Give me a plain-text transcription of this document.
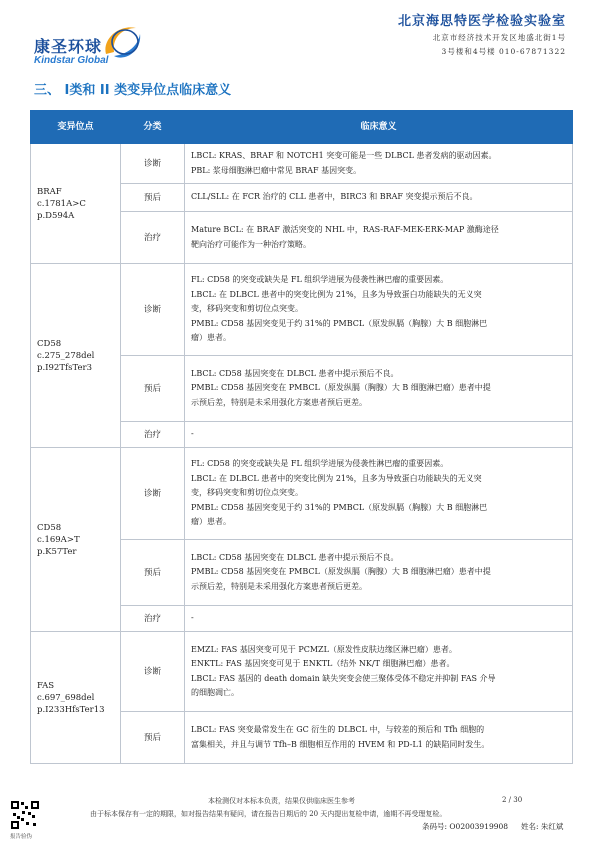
康圣环球
Kindstar Global
北京海思特医学检验实验室
北京市经济技术开发区地盛北街1号
3号楼和4号楼 010-67871322
三、 I类和 II 类变异位点临床意义
变异位点	分类	临床意义

BRAF
c.1781A>C
p.D594A	诊断	LBCL: KRAS、BRAF 和 NOTCH1 突变可能是一些 DLBCL 患者发病的驱动因素。
PBL: 浆母细胞淋巴瘤中常见 BRAF 基因突变。

	预后	CLL/SLL: 在 FCR 治疗的 CLL 患者中，BIRC3 和 BRAF 突变提示预后不良。

	治疗	Mature BCL: 在 BRAF 激活突变的 NHL 中，RAS-RAF-MEK-ERK-MAP 激酶途径
靶向治疗可能作为一种治疗策略。

CD58
c.275_278del
p.I92TfsTer3	诊断	FL: CD58 的突变或缺失是 FL 组织学进展为侵袭性淋巴瘤的重要因素。
LBCL: 在 DLBCL 患者中的突变比例为 21%，且多为导致蛋白功能缺失的无义突
变，移码突变和剪切位点突变。
PMBL: CD58 基因突变见于约 31%的 PMBCL（原发纵膈（胸腺）大 B 细胞淋巴
瘤）患者。

	预后	LBCL: CD58 基因突变在 DLBCL 患者中提示预后不良。
PMBL: CD58 基因突变在 PMBCL（原发纵膈（胸腺）大 B 细胞淋巴瘤）患者中提
示预后差，特别是未采用强化方案患者预后更差。

	治疗	-

CD58
c.169A>T
p.K57Ter	诊断	FL: CD58 的突变或缺失是 FL 组织学进展为侵袭性淋巴瘤的重要因素。
LBCL: 在 DLBCL 患者中的突变比例为 21%，且多为导致蛋白功能缺失的无义突
变，移码突变和剪切位点突变。
PMBL: CD58 基因突变见于约 31%的 PMBCL（原发纵膈（胸腺）大 B 细胞淋巴
瘤）患者。

	预后	LBCL: CD58 基因突变在 DLBCL 患者中提示预后不良。
PMBL: CD58 基因突变在 PMBCL（原发纵膈（胸腺）大 B 细胞淋巴瘤）患者中提
示预后差，特别是未采用强化方案患者预后更差。

	治疗	-

FAS
c.697_698del
p.I233HfsTer13	诊断	EMZL: FAS 基因突变可见于 PCMZL（原发性皮肤边缘区淋巴瘤）患者。
ENKTL: FAS 基因突变可见于 ENKTL（结外 NK/T 细胞淋巴瘤）患者。
LBCL: FAS 基因的 death domain 缺失突变会使三聚体受体不稳定并抑制 FAS 介导
的细胞凋亡。

	预后	LBCL: FAS 突变最常发生在 GC 衍生的 DLBCL 中，与较差的预后和 Tfh 细胞的
富集相关，并且与调节 Tfh–B 细胞相互作用的 HVEM 和 PD-L1 的缺陷同时发生。
报告验伪
本检测仅对本标本负责，结果仅供临床医生参考	2 / 30
由于标本保存有一定的期限，如对报告结果有疑问，请在报告日期后的 20 天内提出复检申请，逾期不再受理复检。
条码号: O02003919908 姓名: 朱红斌
